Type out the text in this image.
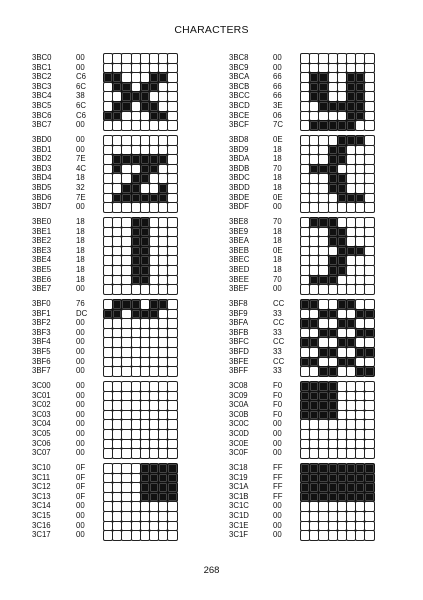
CHARACTERS
3BC0	00
3BC1	00
3BC2	C6
3BC3	6C
3BC4	38
3BC5	6C
3BC6	C6
3BC7	00
3BC8	00
3BC9	00
3BCA	66
3BCB	66
3BCC	66
3BCD	3E
3BCE	06
3BCF	7C
3BD0	00
3BD1	00
3BD2	7E
3BD3	4C
3BD4	18
3BD5	32
3BD6	7E
3BD7	00
3BD8	0E
3BD9	18
3BDA	18
3BDB	70
3BDC	18
3BDD	18
3BDE	0E
3BDF	00
3BE0	18
3BE1	18
3BE2	18
3BE3	18
3BE4	18
3BE5	18
3BE6	18
3BE7	00
3BE8	70
3BE9	18
3BEA	18
3BEB	0E
3BEC	18
3BED	18
3BEE	70
3BEF	00
3BF0	76
3BF1	DC
3BF2	00
3BF3	00
3BF4	00
3BF5	00
3BF6	00
3BF7	00
3BF8	CC
3BF9	33
3BFA	CC
3BFB	33
3BFC	CC
3BFD	33
3BFE	CC
3BFF	33
3C00	00
3C01	00
3C02	00
3C03	00
3C04	00
3C05	00
3C06	00
3C07	00
3C08	F0
3C09	F0
3C0A	F0
3C0B	F0
3C0C	00
3C0D	00
3C0E	00
3C0F	00
3C10	0F
3C11	0F
3C12	0F
3C13	0F
3C14	00
3C15	00
3C16	00
3C17	00
3C18	FF
3C19	FF
3C1A	FF
3C1B	FF
3C1C	00
3C1D	00
3C1E	00
3C1F	00
268
